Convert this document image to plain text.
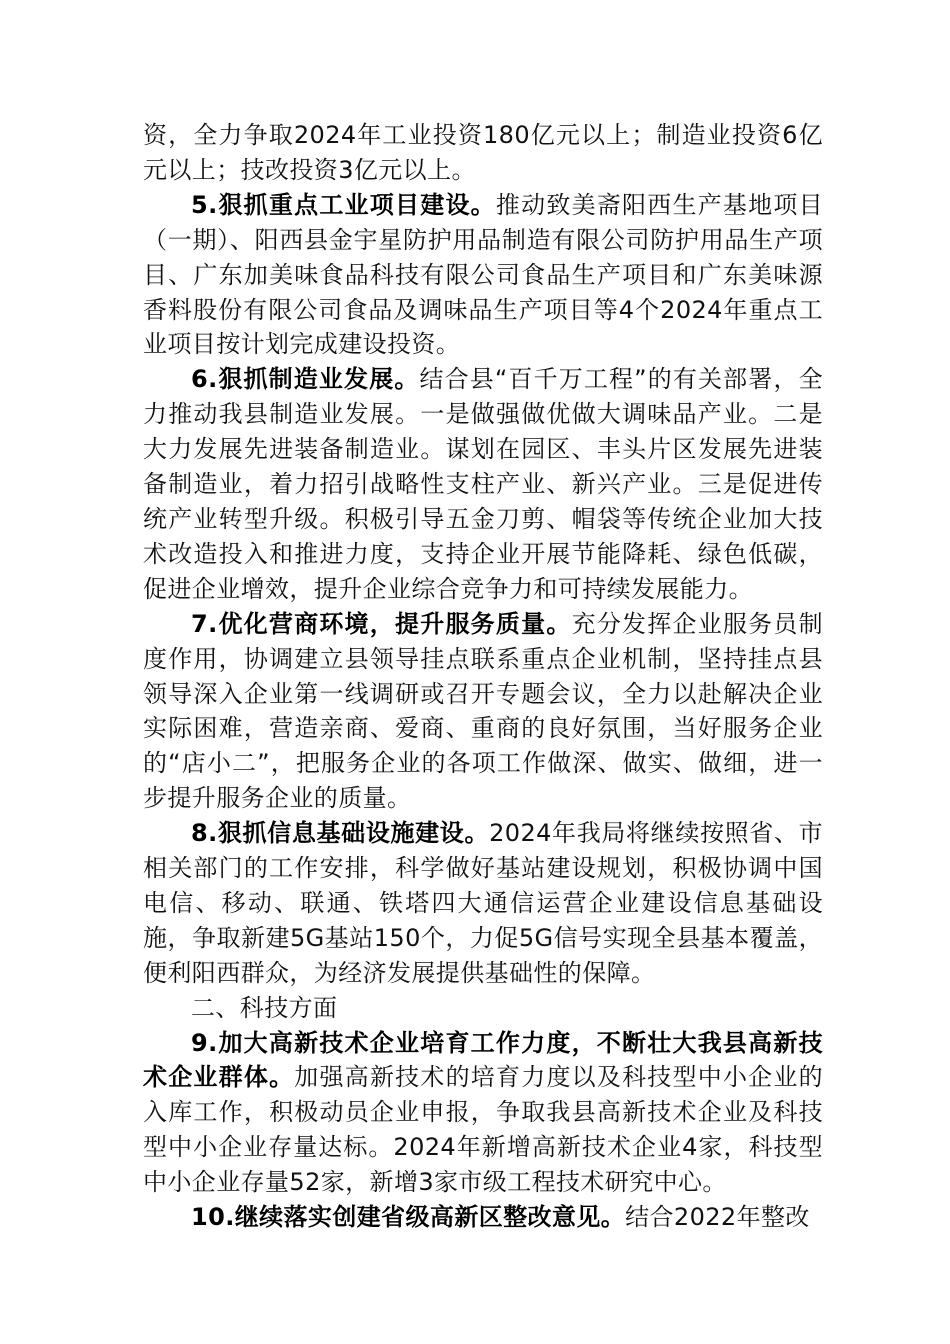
资，全力争取2024年工业投资180亿元以上；制造业投资6亿元以上；技改投资3亿元以上。

5.狠抓重点工业项目建设。推动致美斋阳西生产基地项目（一期）、阳西县金宇星防护用品制造有限公司防护用品生产项目、广东加美味食品科技有限公司食品生产项目和广东美味源香料股份有限公司食品及调味品生产项目等4个2024年重点工业项目按计划完成建设投资。

6.狠抓制造业发展。结合县“百千万工程”的有关部署，全力推动我县制造业发展。一是做强做优做大调味品产业。二是大力发展先进装备制造业。谋划在园区、丰头片区发展先进装备制造业，着力招引战略性支柱产业、新兴产业。三是促进传统产业转型升级。积极引导五金刀剪、帽袋等传统企业加大技术改造投入和推进力度，支持企业开展节能降耗、绿色低碳，促进企业增效，提升企业综合竞争力和可持续发展能力。

7.优化营商环境，提升服务质量。充分发挥企业服务员制度作用，协调建立县领导挂点联系重点企业机制，坚持挂点县领导深入企业第一线调研或召开专题会议，全力以赴解决企业实际困难，营造亲商、爱商、重商的良好氛围，当好服务企业的“店小二”，把服务企业的各项工作做深、做实、做细，进一步提升服务企业的质量。

8.狠抓信息基础设施建设。2024年我局将继续按照省、市相关部门的工作安排，科学做好基站建设规划，积极协调中国电信、移动、联通、铁塔四大通信运营企业建设信息基础设施，争取新建5G基站150个，力促5G信号实现全县基本覆盖，便利阳西群众，为经济发展提供基础性的保障。

二、科技方面

9.加大高新技术企业培育工作力度，不断壮大我县高新技术企业群体。加强高新技术的培育力度以及科技型中小企业的入库工作，积极动员企业申报，争取我县高新技术企业及科技型中小企业存量达标。2024年新增高新技术企业4家，科技型中小企业存量52家，新增3家市级工程技术研究中心。

10.继续落实创建省级高新区整改意见。结合2022年整改
